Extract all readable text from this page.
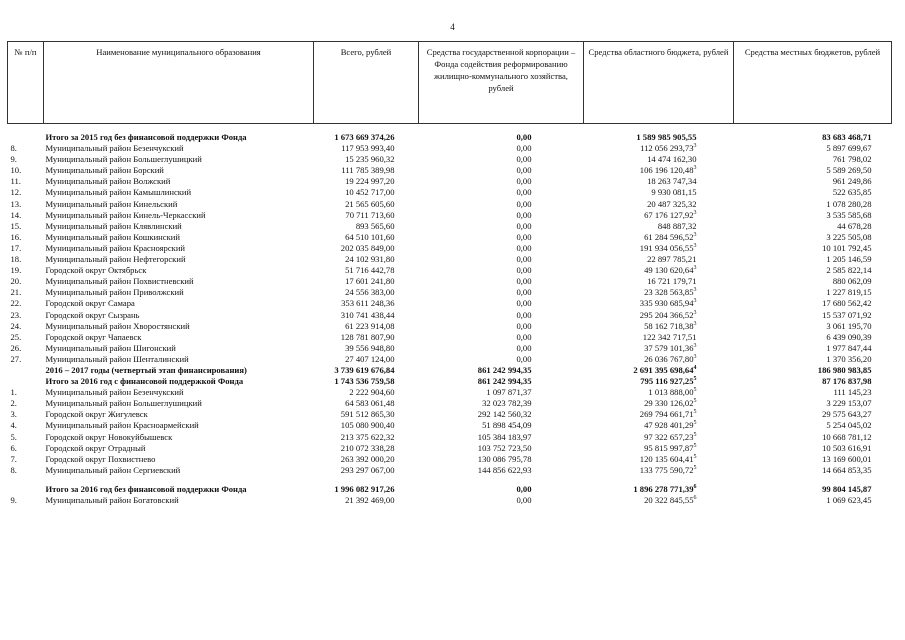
4
№ п/п	Наименование муниципального образования	Всего, рублей	Средства государственной корпорации – Фонда содействия реформированию жилищно-коммунального хозяйства, рублей	Средства областного бюджета, рублей	Средства местных бюджетов, рублей

	Итого за 2015 год без финансовой поддержки Фонда	1 673 669 374,26	0,00	1 589 985 905,55	83 683 468,71
8.	Муниципальный район Безенчукский	117 953 993,40	0,00	112 056 293,73$^3$	5 897 699,67
9.	Муниципальный район Большеглушицкий	15 235 960,32	0,00	14 474 162,30	761 798,02
10.	Муниципальный район Борский	111 785 389,98	0,00	106 196 120,48$^3$	5 589 269,50
11.	Муниципальный район Волжский	19 224 997,20	0,00	18 263 747,34	961 249,86
12.	Муниципальный район Камышлинский	10 452 717,00	0,00	9 930 081,15	522 635,85
13.	Муниципальный район Кинельский	21 565 605,60	0,00	20 487 325,32	1 078 280,28
14.	Муниципальный район Кинель-Черкасский	70 711 713,60	0,00	67 176 127,92$^3$	3 535 585,68
15.	Муниципальный район Клявлинский	893 565,60	0,00	848 887,32	44 678,28
16.	Муниципальный район Кошкинский	64 510 101,60	0,00	61 284 596,52$^3$	3 225 505,08
17.	Муниципальный район Красноярский	202 035 849,00	0,00	191 934 056,55$^3$	10 101 792,45
18.	Муниципальный район Нефтегорский	24 102 931,80	0,00	22 897 785,21	1 205 146,59
19.	Городской округ Октябрьск	51 716 442,78	0,00	49 130 620,64$^3$	2 585 822,14
20.	Муниципальный район Похвистневский	17 601 241,80	0,00	16 721 179,71	880 062,09
21.	Муниципальный район Приволжский	24 556 383,00	0,00	23 328 563,85$^3$	1 227 819,15
22.	Городской округ Самара	353 611 248,36	0,00	335 930 685,94$^3$	17 680 562,42
23.	Городской округ Сызрань	310 741 438,44	0,00	295 204 366,52$^3$	15 537 071,92
24.	Муниципальный район Хворостянский	61 223 914,08	0,00	58 162 718,38$^3$	3 061 195,70
25.	Городской округ Чапаевск	128 781 807,90	0,00	122 342 717,51	6 439 090,39
26.	Муниципальный район Шигонский	39 556 948,80	0,00	37 579 101,36$^3$	1 977 847,44
27.	Муниципальный район Шенталинский	27 407 124,00	0,00	26 036 767,80$^3$	1 370 356,20
	2016 – 2017 годы (четвертый этап финансирования)	3 739 619 676,84	861 242 994,35	2 691 395 698,64$^4$	186 980 983,85
	Итого за 2016 год с финансовой поддержкой Фонда	1 743 536 759,58	861 242 994,35	795 116 927,25$^5$	87 176 837,98
1.	Муниципальный район Безенчукский	2 222 904,60	1 097 871,37	1 013 888,00$^5$	111 145,23
2.	Муниципальный район Большеглушицкий	64 583 061,48	32 023 782,39	29 330 126,02$^5$	3 229 153,07
3.	Городской округ Жигулевск	591 512 865,30	292 142 560,32	269 794 661,71$^5$	29 575 643,27
4.	Муниципальный район Красноармейский	105 080 900,40	51 898 454,09	47 928 401,29$^5$	5 254 045,02
5.	Городской округ Новокуйбышевск	213 375 622,32	105 384 183,97	97 322 657,23$^5$	10 668 781,12
6.	Городской округ Отрадный	210 072 338,28	103 752 723,50	95 815 997,87$^5$	10 503 616,91
7.	Городской округ Похвистнево	263 392 000,20	130 086 795,78	120 135 604,41$^5$	13 169 600,01
8.	Муниципальный район Сергиевский	293 297 067,00	144 856 622,93	133 775 590,72$^5$	14 664 853,35

	Итого за 2016 год без финансовой поддержки Фонда	1 996 082 917,26	0,00	1 896 278 771,39$^6$	99 804 145,87
9.	Муниципальный район Богатовский	21 392 469,00	0,00	20 322 845,55$^6$	1 069 623,45
